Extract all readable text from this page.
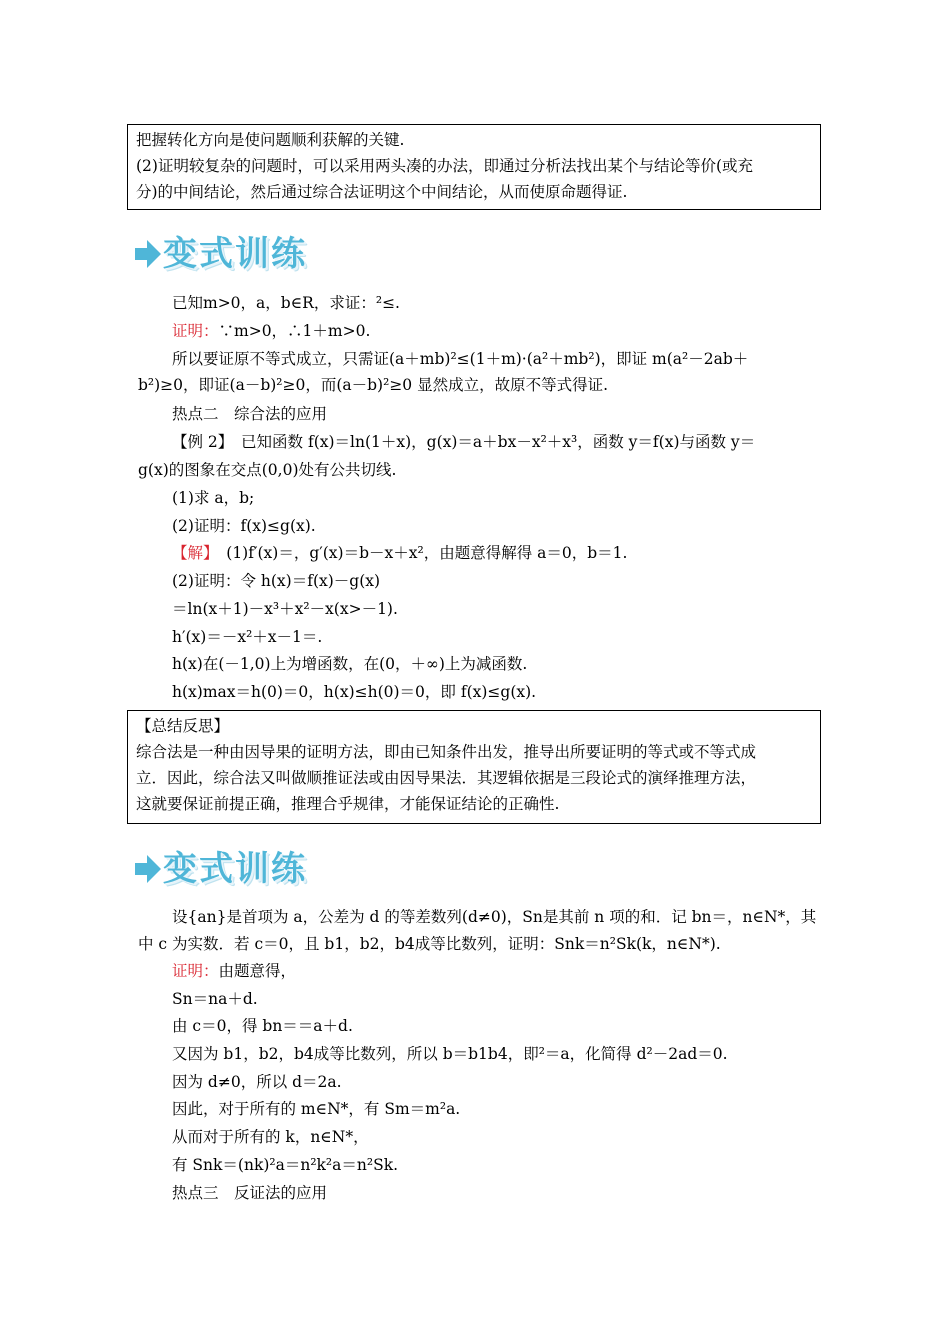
把握转化方向是使问题顺利获解的关键.

(2)证明较复杂的问题时，可以采用两头凑的办法，即通过分析法找出某个与结论等价(或充

分)的中间结论，然后通过综合法证明这个中间结论，从而使原命题得证.

变式训练
已知m>0，a，b∈R，求证：²≤.
证明：∵m>0，∴1＋m>0.
所以要证原不等式成立，只需证(a＋mb)²≤(1＋m)·(a²＋mb²)，即证 m(a²－2ab＋
b²)≥0，即证(a－b)²≥0，而(a－b)²≥0 显然成立，故原不等式得证.
热点二　综合法的应用
【例 2】　已知函数 f(x)＝ln(1＋x)，g(x)＝a＋bx－x²＋x³，函数 y＝f(x)与函数 y＝
g(x)的图象在交点(0,0)处有公共切线.
(1)求 a，b;
(2)证明：f(x)≤g(x).
【解】　(1)f′(x)＝，g′(x)＝b－x＋x²，由题意得解得 a＝0，b＝1.
(2)证明：令 h(x)＝f(x)－g(x)
＝ln(x＋1)－x³＋x²－x(x>－1).
h′(x)＝－x²＋x－1＝.
h(x)在(－1,0)上为增函数，在(0，＋∞)上为减函数.
h(x)max＝h(0)＝0，h(x)≤h(0)＝0，即 f(x)≤g(x).

【总结反思】

综合法是一种由因导果的证明方法，即由已知条件出发，推导出所要证明的等式或不等式成

立．因此，综合法又叫做顺推证法或由因导果法．其逻辑依据是三段论式的演绎推理方法，

这就要保证前提正确，推理合乎规律，才能保证结论的正确性.

变式训练
设{an}是首项为 a，公差为 d 的等差数列(d≠0)，Sn是其前 n 项的和．记 bn＝，n∈N*，其
中 c 为实数．若 c＝0，且 b1，b2，b4成等比数列，证明：Snk＝n²Sk(k，n∈N*).
证明：由题意得，
Sn＝na＋d.
由 c＝0，得 bn＝＝a＋d.
又因为 b1，b2，b4成等比数列，所以 b＝b1b4，即²＝a，化简得 d²－2ad＝0.
因为 d≠0，所以 d＝2a.
因此，对于所有的 m∈N*，有 Sm＝m²a.
从而对于所有的 k，n∈N*，
有 Snk＝(nk)²a＝n²k²a＝n²Sk.
热点三　反证法的应用
